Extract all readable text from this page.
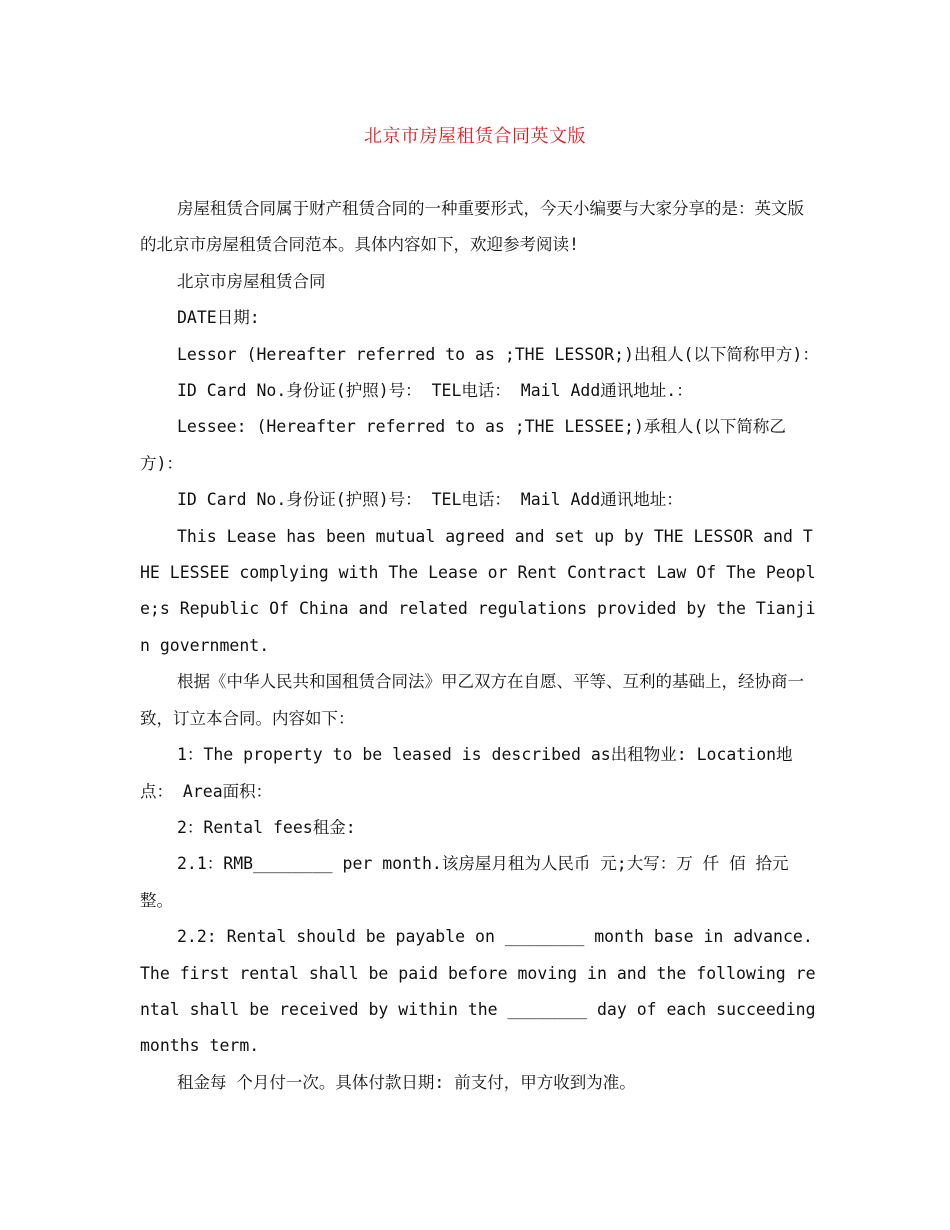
北京市房屋租赁合同英文版

房屋租赁合同属于财产租赁合同的一种重要形式，今天小编要与大家分享的是：英文版的北京市房屋租赁合同范本。具体内容如下，欢迎参考阅读!

北京市房屋租赁合同

DATE日期:

Lessor (Hereafter referred to as ;THE LESSOR;)出租人(以下简称甲方)：

ID Card No.身份证(护照)号： TEL电话： Mail Add通讯地址.：

Lessee: (Hereafter referred to as ;THE LESSEE;)承租人(以下简称乙方)：

ID Card No.身份证(护照)号： TEL电话： Mail Add通讯地址：

This Lease has been mutual agreed and set up by THE LESSOR and THE LESSEE complying with The Lease or Rent Contract Law Of The People;s Republic Of China and related regulations provided by the Tianjin government.

根据《中华人民共和国租赁合同法》甲乙双方在自愿、平等、互利的基础上，经协商一致，订立本合同。内容如下：

1：The property to be leased is described as出租物业: Location地点： Area面积：

2：Rental fees租金:

2.1：RMB________ per month.该房屋月租为人民币 元;大写：万 仟 佰 拾元整。

2.2: Rental should be payable on ________ month base in advance. The first rental shall be paid before moving in and the following rental shall be received by within the ________ day of each succeeding months term.

租金每 个月付一次。具体付款日期: 前支付，甲方收到为准。
